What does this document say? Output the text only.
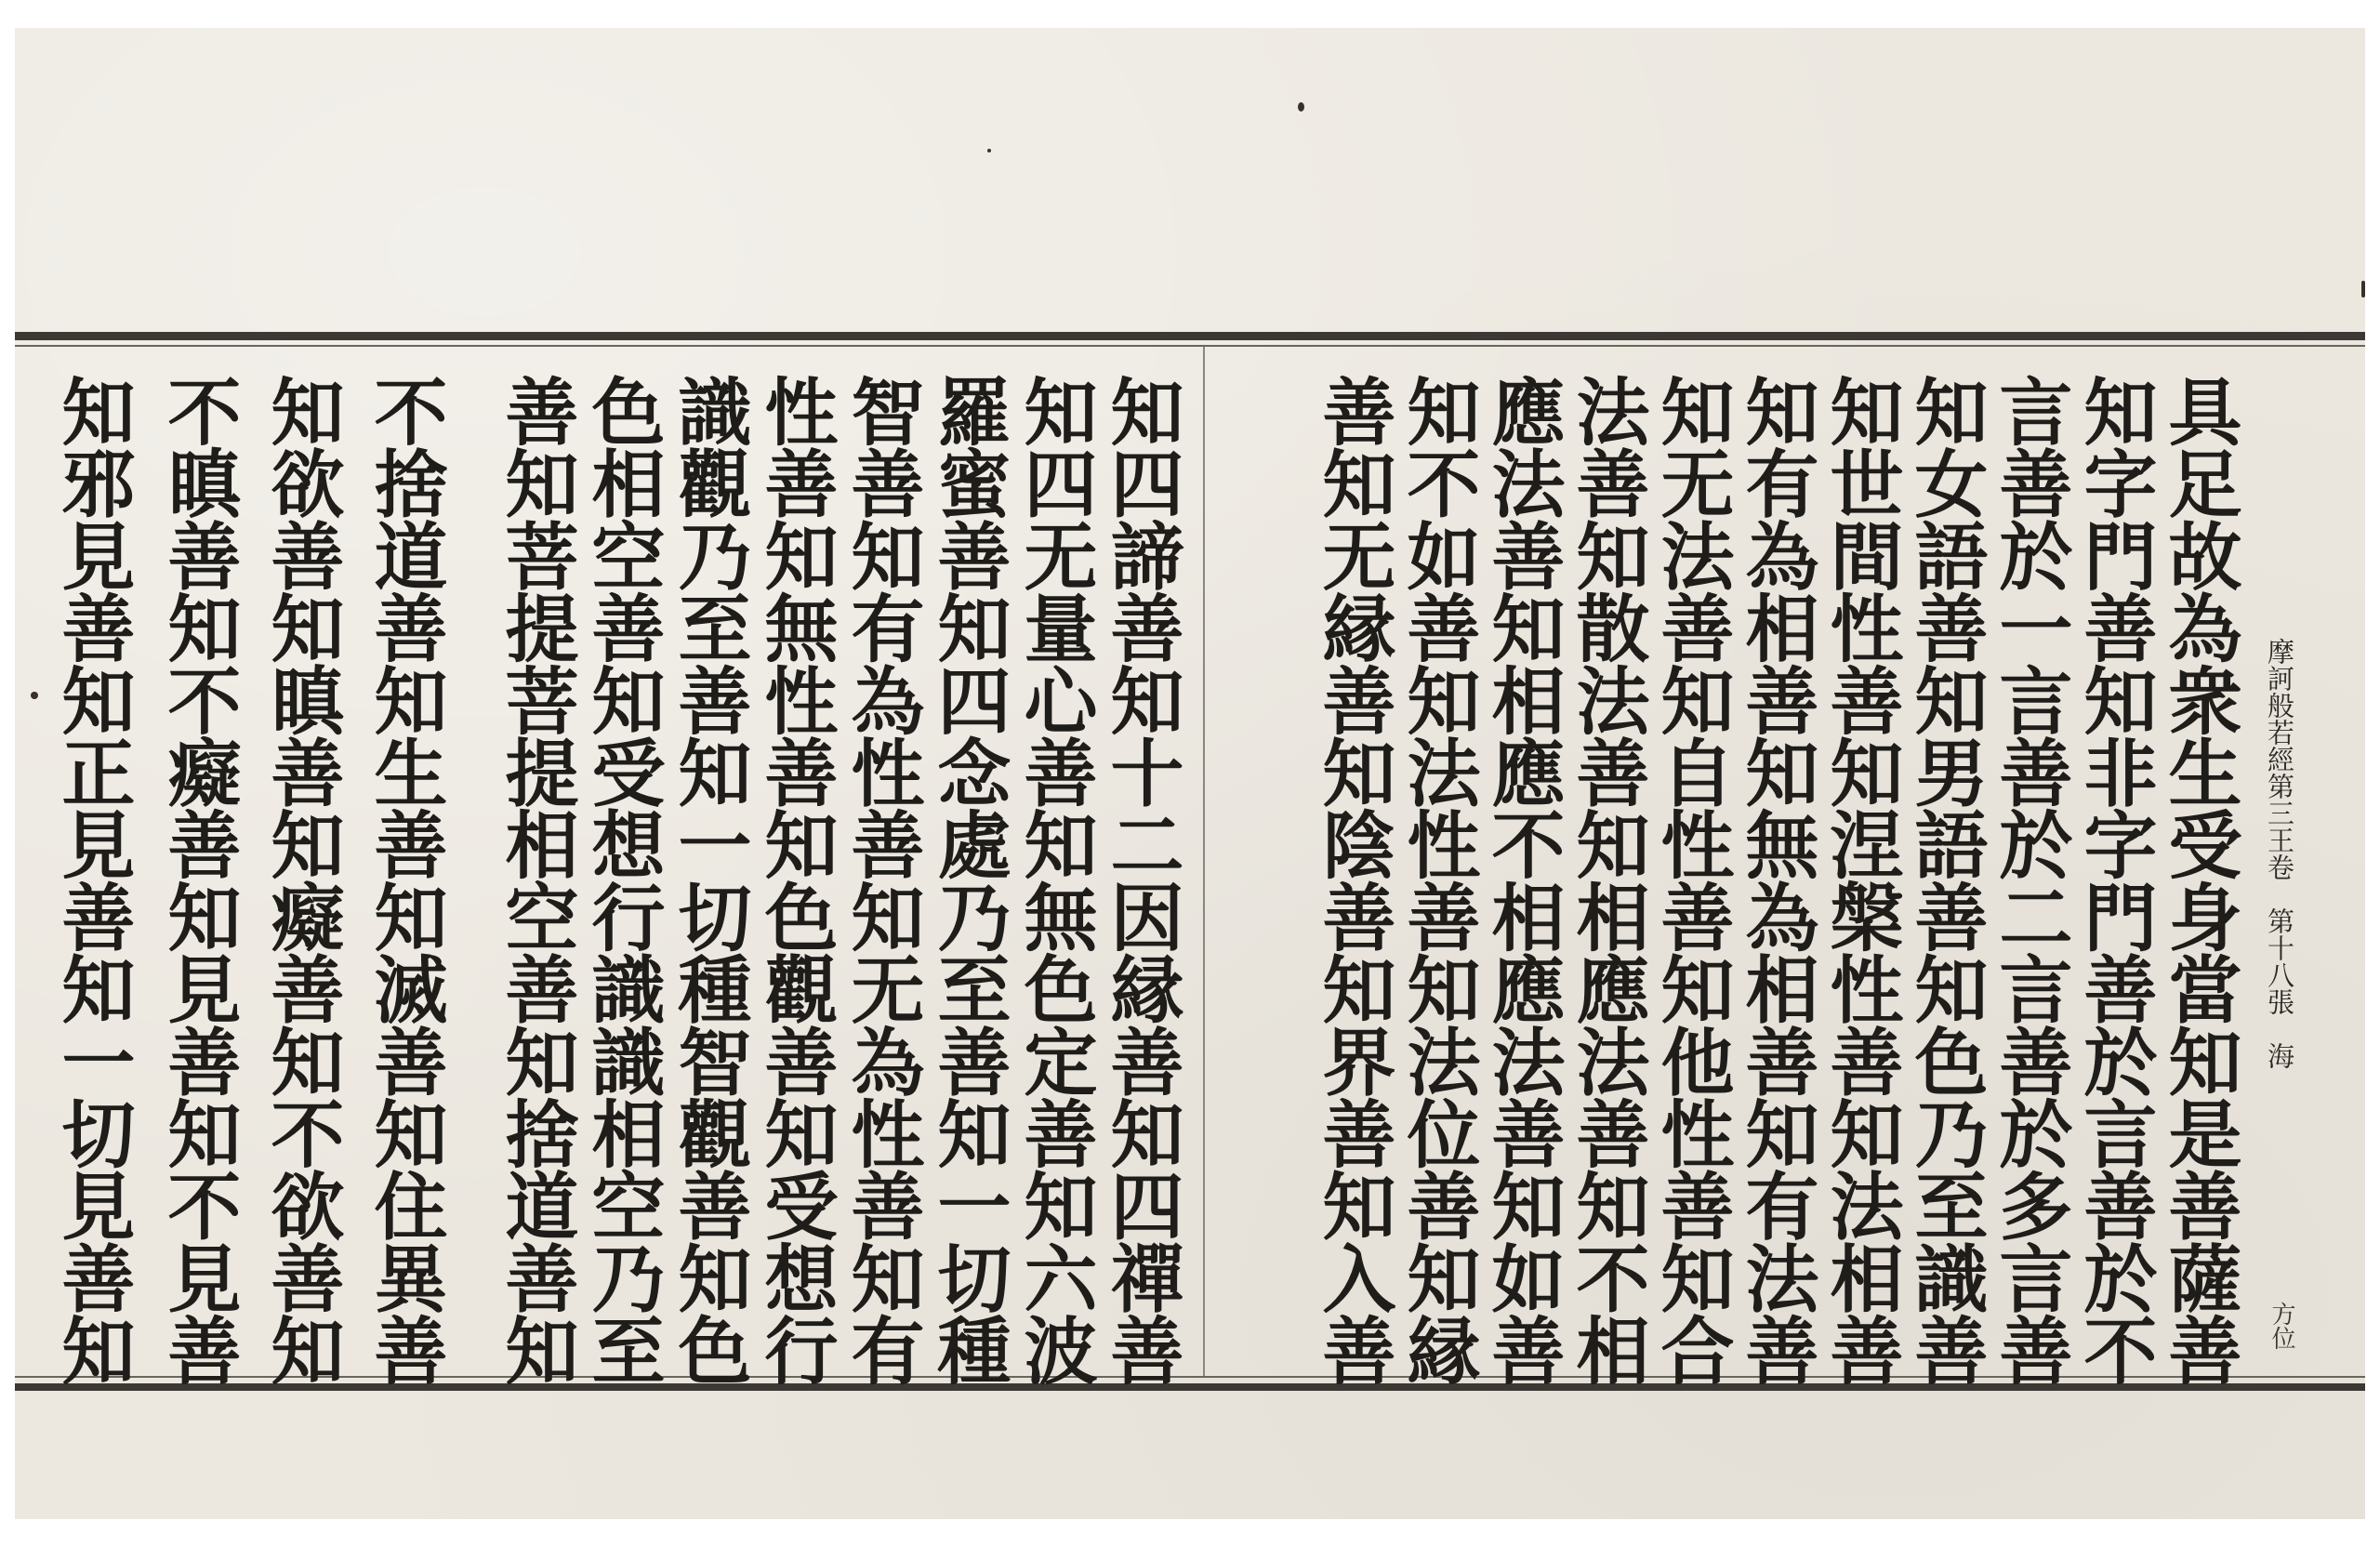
具足故為衆生受身當知是善薩善
知字門善知非字門善於言善於不
言善於一言善於二言善於多言善
知女語善知男語善知色乃至識善
知世間性善知涅槃性善知法相善
知有為相善知無為相善知有法善
知无法善知自性善知他性善知合
法善知散法善知相應法善知不相
應法善知相應不相應法善知如善
知不如善知法性善知法位善知縁
善知无縁善知陰善知界善知入善
知四諦善知十二因縁善知四禪善
知四无量心善知無色定善知六波
羅蜜善知四念處乃至善知一切種
智善知有為性善知无為性善知有
性善知無性善知色觀善知受想行
識觀乃至善知一切種智觀善知色
色相空善知受想行識識相空乃至
善知菩提菩提相空善知捨道善知
不捨道善知生善知滅善知住異善
知欲善知瞋善知癡善知不欲善知
不瞋善知不癡善知見善知不見善
知邪見善知正見善知一切見善知	摩訶般若經第三王卷　第十八張　海
方位
